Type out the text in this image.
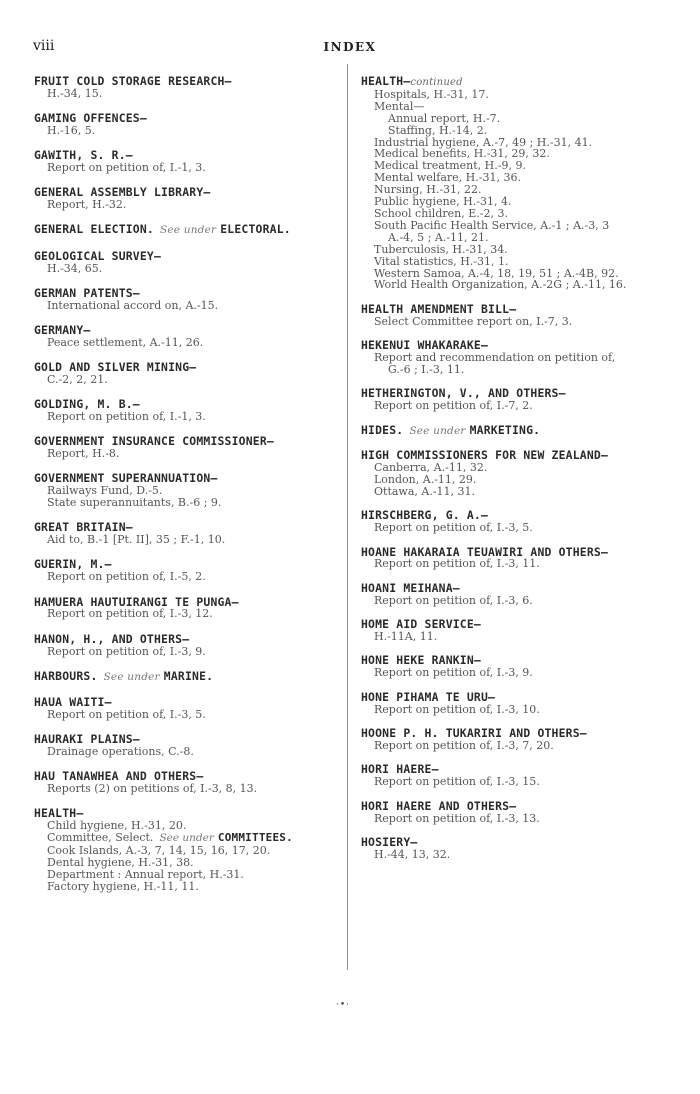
viii	INDEX
FRUIT COLD STORAGE RESEARCH—
H.-34, 15.
GAMING OFFENCES—
H.-16, 5.
GAWITH, S. R.—
Report on petition of, I.-1, 3.
GENERAL ASSEMBLY LIBRARY—
Report, H.-32.
GENERAL ELECTION. See under ELECTORAL.
GEOLOGICAL SURVEY—
H.-34, 65.
GERMAN PATENTS—
International accord on, A.-15.
GERMANY—
Peace settlement, A.-11, 26.
GOLD AND SILVER MINING—
C.-2, 2, 21.
GOLDING, M. B.—
Report on petition of, I.-1, 3.
GOVERNMENT INSURANCE COMMISSIONER—
Report, H.-8.
GOVERNMENT SUPERANNUATION—
Railways Fund, D.-5.
State superannuitants, B.-6 ; 9.
GREAT BRITAIN—
Aid to, B.-1 [Pt. II], 35 ; F.-1, 10.
GUERIN, M.—
Report on petition of, I.-5, 2.
HAMUERA HAUTUIRANGI TE PUNGA—
Report on petition of, I.-3, 12.
HANON, H., AND OTHERS—
Report on petition of, I.-3, 9.
HARBOURS. See under MARINE.
HAUA WAITI—
Report on petition of, I.-3, 5.
HAURAKI PLAINS—
Drainage operations, C.-8.
HAU TANAWHEA AND OTHERS—
Reports (2) on petitions of, I.-3, 8, 13.
HEALTH—
Child hygiene, H.-31, 20.
Committee, Select. See under COMMITTEES.
Cook Islands, A.-3, 7, 14, 15, 16, 17, 20.
Dental hygiene, H.-31, 38.
Department : Annual report, H.-31.
Factory hygiene, H.-11, 11.
HEALTH—continued
Hospitals, H.-31, 17.
Mental—
Annual report, H.-7.
Staffing, H.-14, 2.
Industrial hygiene, A.-7, 49 ; H.-31, 41.
Medical benefits, H.-31, 29, 32.
Medical treatment, H.-9, 9.
Mental welfare, H.-31, 36.
Nursing, H.-31, 22.
Public hygiene, H.-31, 4.
School children, E.-2, 3.
South Pacific Health Service, A.-1 ; A.-3, 3
A.-4, 5 ; A.-11, 21.
Tuberculosis, H.-31, 34.
Vital statistics, H.-31, 1.
Western Samoa, A.-4, 18, 19, 51 ; A.-4B, 92.
World Health Organization, A.-2G ; A.-11, 16.
HEALTH AMENDMENT BILL—
Select Committee report on, I.-7, 3.
HEKENUI WHAKARAKE—
Report and recommendation on petition of,
G.-6 ; I.-3, 11.
HETHERINGTON, V., AND OTHERS—
Report on petition of, I.-7, 2.
HIDES. See under MARKETING.
HIGH COMMISSIONERS FOR NEW ZEALAND—
Canberra, A.-11, 32.
London, A.-11, 29.
Ottawa, A.-11, 31.
HIRSCHBERG, G. A.—
Report on petition of, I.-3, 5.
HOANE HAKARAIA TEUAWIRI AND OTHERS—
Report on petition of, I.-3, 11.
HOANI MEIHANA—
Report on petition of, I.-3, 6.
HOME AID SERVICE—
H.-11A, 11.
HONE HEKE RANKIN—
Report on petition of, I.-3, 9.
HONE PIHAMA TE URU—
Report on petition of, I.-3, 10.
HOONE P. H. TUKARIRI AND OTHERS—
Report on petition of, I.-3, 7, 20.
HORI HAERE—
Report on petition of, I.-3, 15.
HORI HAERE AND OTHERS—
Report on petition of, I.-3, 13.
HOSIERY—
H.-44, 13, 32.
·•·
